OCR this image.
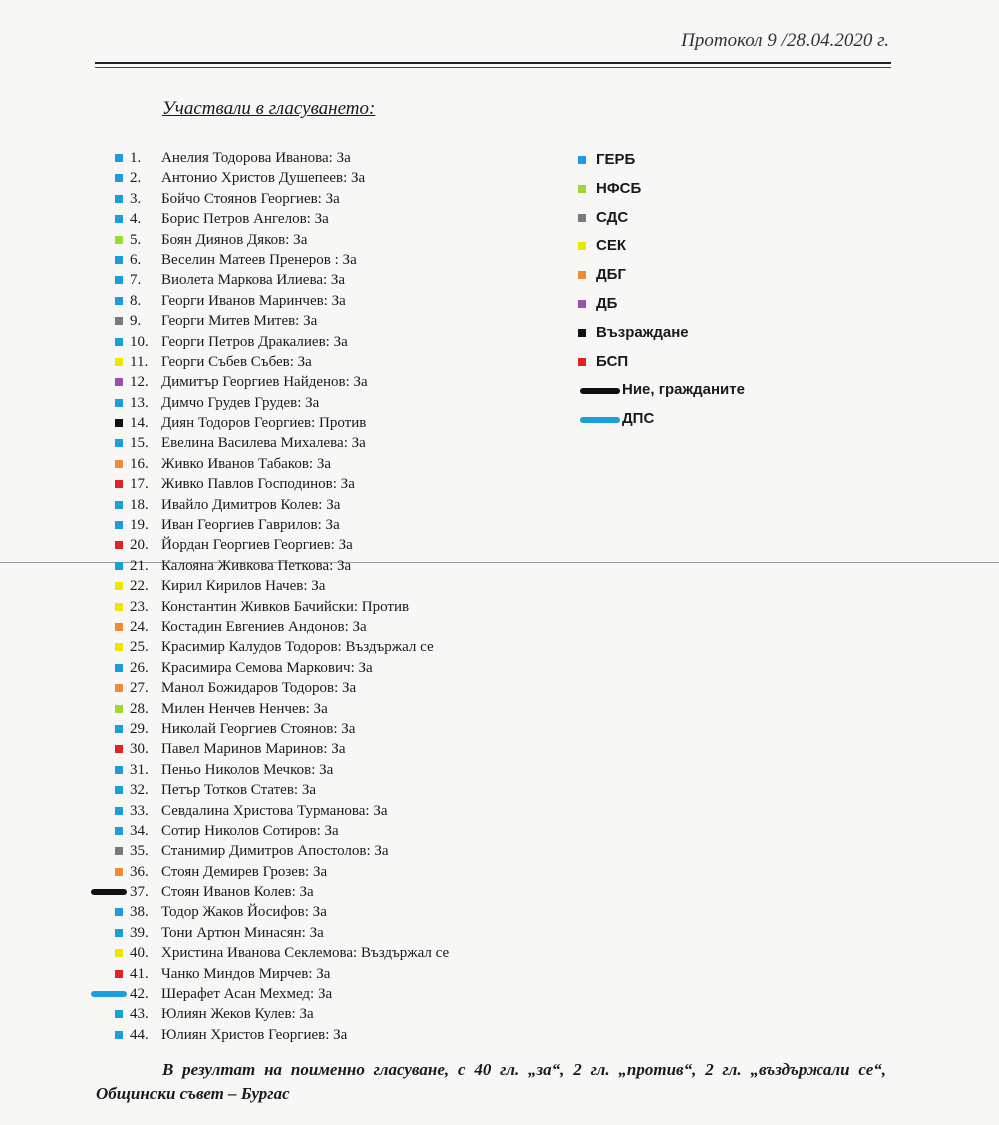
Протокол 9 /28.04.2020 г.
Участвали в гласуването:
1. Анелия Тодорова Иванова: За
2. Антонио Христов Душепеев: За
3. Бойчо Стоянов Георгиев: За
4. Борис Петров Ангелов: За
5. Боян Диянов Дяков: За
6. Веселин Матеев Пренеров : За
7. Виолета Маркова Илиева: За
8. Георги Иванов Маринчев: За
9. Георги Митев Митев: За
10. Георги Петров Дракалиев: За
11. Георги Събев Събев: За
12. Димитър Георгиев Найденов: За
13. Димчо Грудев Грудев: За
14. Диян Тодоров Георгиев: Против
15. Евелина Василева Михалева: За
16. Живко Иванов Табаков: За
17. Живко Павлов Господинов: За
18. Ивайло Димитров Колев: За
19. Иван Георгиев Гаврилов: За
20. Йордан Георгиев Георгиев: За
21. Калояна Живкова Петкова: За
22. Кирил Кирилов Начев: За
23. Константин Живков Бачийски: Против
24. Костадин Евгениев Андонов: За
25. Красимир Калудов Тодоров: Въздържал се
26. Красимира Семова Маркович: За
27. Манол Божидаров Тодоров: За
28. Милен Ненчев Ненчев: За
29. Николай Георгиев Стоянов: За
30. Павел Маринов Маринов: За
31. Пеньо Николов Мечков: За
32. Петър Тотков Статев: За
33. Севдалина Христова Турманова: За
34. Сотир Николов Сотиров: За
35. Станимир Димитров Апостолов: За
36. Стоян Демирев Грозев: За
37. Стоян Иванов Колев: За
38. Тодор Жаков Йосифов: За
39. Тони Артюн Минасян: За
40. Христина Иванова Секлемова: Въздържал се
41. Чанко Миндов Мирчев: За
42. Шерафет Асан Мехмед: За
43. Юлиян Жеков Кулев: За
44. Юлиян Христов Георгиев: За
ГЕРБ
НФСБ
СДС
СЕК
ДБГ
ДБ
Възраждане
БСП
Ние, гражданите
ДПС
В резултат на поименно гласуване, с 40 гл. „за“, 2 гл. „против“, 2 гл. „въздържали се“, Общински съвет – Бургас
